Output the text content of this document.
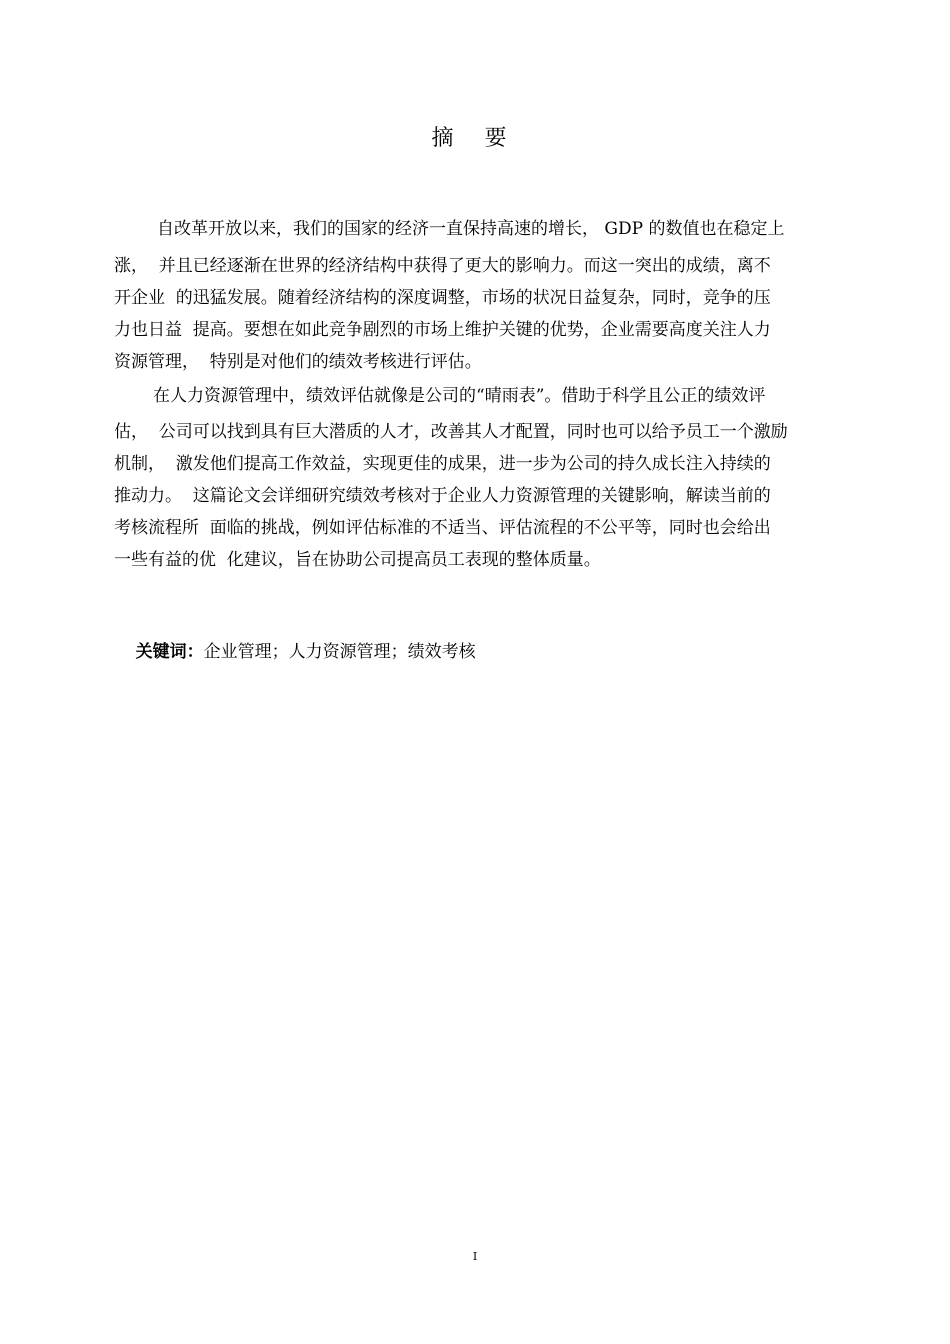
摘 要
自改革开放以来，我们的国家的经济一直保持高速的增长， GDP 的数值也在稳定上
涨，  并且已经逐渐在世界的经济结构中获得了更大的影响力。而这一突出的成绩，离不
开企业  的迅猛发展。随着经济结构的深度调整，市场的状况日益复杂，同时，竞争的压
力也日益  提高。要想在如此竞争剧烈的市场上维护关键的优势，企业需要高度关注人力
资源管理，  特别是对他们的绩效考核进行评估。
在人力资源管理中，绩效评估就像是公司的“晴雨表”。借助于科学且公正的绩效评
估，  公司可以找到具有巨大潜质的人才，改善其人才配置，同时也可以给予员工一个激励
机制，  激发他们提高工作效益，实现更佳的成果，进一步为公司的持久成长注入持续的
推动力。  这篇论文会详细研究绩效考核对于企业人力资源管理的关键影响，解读当前的
考核流程所  面临的挑战，例如评估标准的不适当、评估流程的不公平等，同时也会给出
一些有益的优  化建议，旨在协助公司提高员工表现的整体质量。

关键词：企业管理；人力资源管理；绩效考核

I
